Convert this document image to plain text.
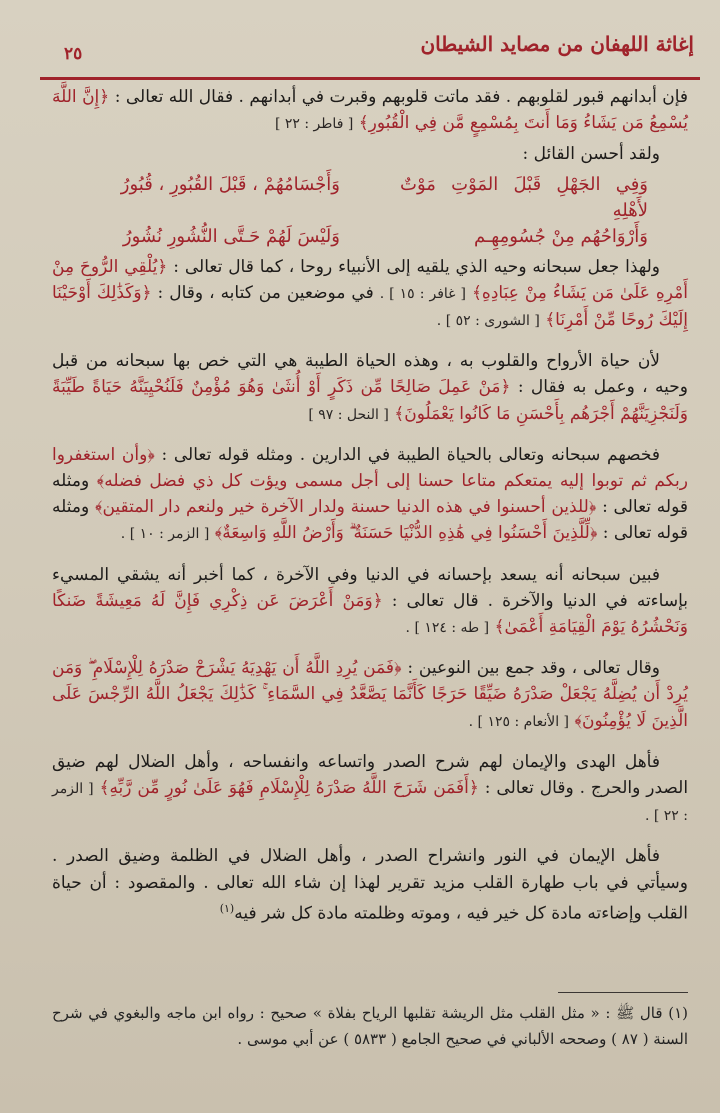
إغاثة اللهفان من مصايد الشيطان
٢٥

فإن أبدانهم قبور لقلوبهم . فقد ماتت قلوبهم وقبرت في أبدانهم . فقال الله تعالى : ﴿إِنَّ اللَّهَ يُسْمِعُ مَن يَشَاءُ وَمَا أَنتَ بِمُسْمِعٍ مَّن فِي الْقُبُورِ﴾ [ فاطر : ٢٢ ]

ولقد أحسن القائل :

وَفِي الجَهْلِ قَبْلَ المَوْتِ مَوْتٌ لأَهْلِهِ
وَأَجْسَامُهُمْ ، قَبْلَ القُبُورِ ، قُبُورُ
وَأَرْوَاحُهُم مِنْ جُسُومِهِـم
وَلَيْسَ لَهُمْ حَـتَّى النُّشُورِ نُشُورُ

ولهذا جعل سبحانه وحيه الذي يلقيه إلى الأنبياء روحا ، كما قال تعالى : ﴿يُلْقِي الرُّوحَ مِنْ أَمْرِهِ عَلَىٰ مَن يَشَاءُ مِنْ عِبَادِهِ﴾ [ غافر : ١٥ ] . في موضعين من كتابه ، وقال : ﴿وَكَذَٰلِكَ أَوْحَيْنَا إِلَيْكَ رُوحًا مِّنْ أَمْرِنَا﴾ [ الشورى : ٥٢ ] .

لأن حياة الأرواح والقلوب به ، وهذه الحياة الطيبة هي التي خص بها سبحانه من قبل وحيه ، وعمل به فقال : ﴿مَنْ عَمِلَ صَالِحًا مِّن ذَكَرٍ أَوْ أُنثَىٰ وَهُوَ مُؤْمِنٌ فَلَنُحْيِيَنَّهُ حَيَاةً طَيِّبَةً وَلَنَجْزِيَنَّهُمْ أَجْرَهُم بِأَحْسَنِ مَا كَانُوا يَعْمَلُونَ﴾ [ النحل : ٩٧ ]

فخصهم سبحانه وتعالى بالحياة الطيبة في الدارين . ومثله قوله تعالى : ﴿وأن استغفروا ربكم ثم توبوا إليه يمتعكم متاعا حسنا إلى أجل مسمى ويؤت كل ذي فضل فضله﴾ ومثله قوله تعالى : ﴿للذين أحسنوا في هذه الدنيا حسنة ولدار الآخرة خير ولنعم دار المتقين﴾ ومثله قوله تعالى : ﴿لِّلَّذِينَ أَحْسَنُوا فِي هَٰذِهِ الدُّنْيَا حَسَنَةٌ ۗ وَأَرْضُ اللَّهِ وَاسِعَةٌ﴾ [ الزمر : ١٠ ] .

فبين سبحانه أنه يسعد بإحسانه في الدنيا وفي الآخرة ، كما أخبر أنه يشقي المسيء بإساءته في الدنيا والآخرة . قال تعالى : ﴿وَمَنْ أَعْرَضَ عَن ذِكْرِي فَإِنَّ لَهُ مَعِيشَةً ضَنكًا وَنَحْشُرُهُ يَوْمَ الْقِيَامَةِ أَعْمَىٰ﴾ [ طه : ١٢٤ ] .

وقال تعالى ، وقد جمع بين النوعين : ﴿فَمَن يُرِدِ اللَّهُ أَن يَهْدِيَهُ يَشْرَحْ صَدْرَهُ لِلْإِسْلَامِ ۖ وَمَن يُرِدْ أَن يُضِلَّهُ يَجْعَلْ صَدْرَهُ ضَيِّقًا حَرَجًا كَأَنَّمَا يَصَّعَّدُ فِي السَّمَاءِ ۚ كَذَٰلِكَ يَجْعَلُ اللَّهُ الرِّجْسَ عَلَى الَّذِينَ لَا يُؤْمِنُونَ﴾ [ الأنعام : ١٢٥ ] .

فأهل الهدى والإيمان لهم شرح الصدر واتساعه وانفساحه ، وأهل الضلال لهم ضيق الصدر والحرج . وقال تعالى : ﴿أَفَمَن شَرَحَ اللَّهُ صَدْرَهُ لِلْإِسْلَامِ فَهُوَ عَلَىٰ نُورٍ مِّن رَّبِّهِ﴾ [ الزمر : ٢٢ ] .

فأهل الإيمان في النور وانشراح الصدر ، وأهل الضلال في الظلمة وضيق الصدر . وسيأتي في باب طهارة القلب مزيد تقرير لهذا إن شاء الله تعالى . والمقصود : أن حياة القلب وإضاءته مادة كل خير فيه ، وموته وظلمته مادة كل شر فيه$^{(١)}$

(١) قال ﷺ : « مثل القلب مثل الريشة تقلبها الرياح بفلاة » صحيح : رواه ابن ماجه والبغوي في شرح السنة ( ٨٧ ) وصححه الألباني في صحيح الجامع ( ٥٨٣٣ ) عن أبي موسى .
